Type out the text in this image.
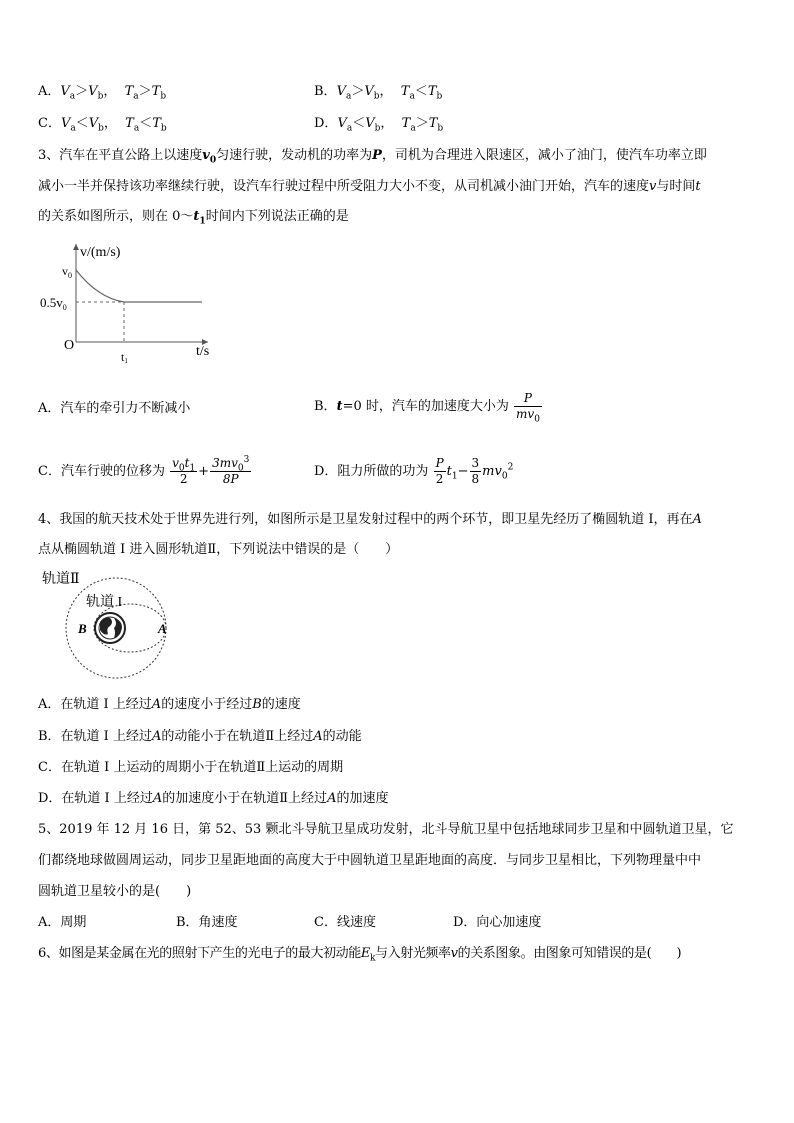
A．$V_a>V_b$， $T_a>T_b$	B．$V_a>V_b$， $T_a<T_b$
C．$V_a<V_b$， $T_a<T_b$	D．$V_a<V_b$， $T_a>T_b$
3、汽车在平直公路上以速度$v_0$匀速行驶，发动机的功率为P，司机为合理进入限速区，减小了油门，使汽车功率立即
减小一半并保持该功率继续行驶，设汽车行驶过程中所受阻力大小不变，从司机减小油门开始，汽车的速度v与时间t
的关系如图所示，则在 $0\sim t_1$时间内下列说法正确的是
v/(m/s)
$v_0$
$0.5v_0$
O
t1
t/s
A．汽车的牵引力不断减小	B．t=0 时，汽车的加速度大小为 $\frac{P}{mv_0}$
C．汽车行驶的位移为 $\frac{v_0t_1}{2} + \frac{3mv_0^3}{8P}$	D．阻力所做的功为 $\frac{P}{2} t_1- \frac{3}{8} mv_0^2$
4、我国的航天技术处于世界先进行列，如图所示是卫星发射过程中的两个环节，即卫星先经历了椭圆轨道 I，再在A
点从椭圆轨道 I 进入圆形轨道Ⅱ，下列说法中错误的是（　　）
轨道Ⅱ
轨道 I
B	A
A．在轨道 I 上经过A的速度小于经过B的速度
B．在轨道 I 上经过A的动能小于在轨道Ⅱ上经过A的动能
C．在轨道 I 上运动的周期小于在轨道Ⅱ上运动的周期
D．在轨道 I 上经过A的加速度小于在轨道Ⅱ上经过A的加速度
5、2019 年 12 月 16 日，第 52、53 颗北斗导航卫星成功发射，北斗导航卫星中包括地球同步卫星和中圆轨道卫星，它
们都绕地球做圆周运动，同步卫星距地面的高度大于中圆轨道卫星距地面的高度．与同步卫星相比，下列物理量中中
圆轨道卫星较小的是(　　)
A．周期	B．角速度	C．线速度	D．向心加速度
6、如图是某金属在光的照射下产生的光电子的最大初动能$E_k$与入射光频率v的关系图象。由图象可知错误的是(　　)
